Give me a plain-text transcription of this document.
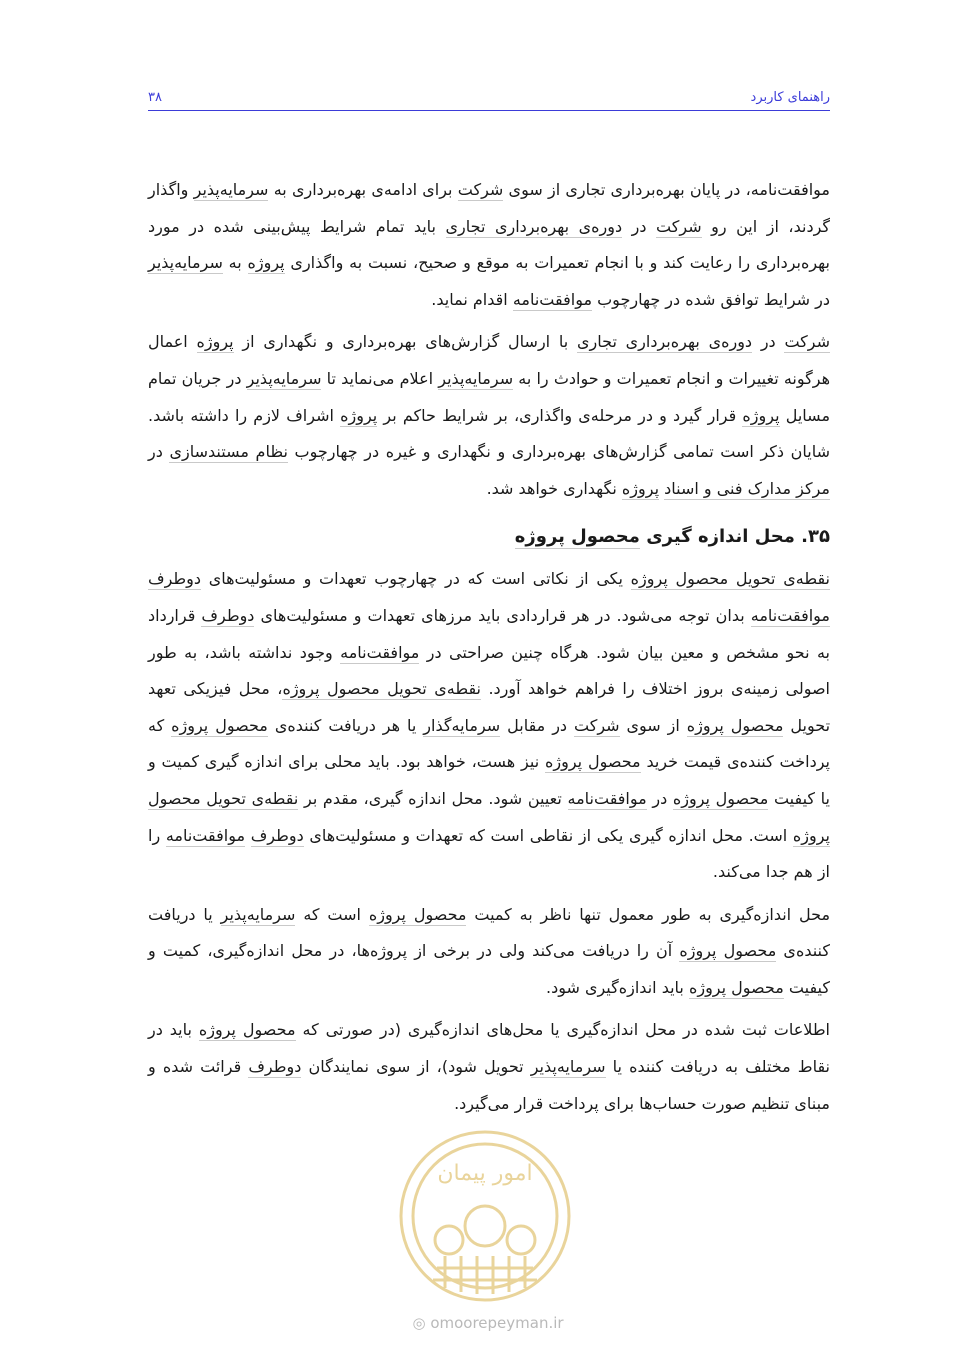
راهنمای کاربرد
۳۸

موافقت‌نامه، در پایان بهره‌برداری تجاری از سوی شرکت برای ادامه‌ی بهره‌برداری به سرمایه‌پذیر واگذار گردند، از این رو شرکت در دوره‌ی بهره‌برداری تجاری باید تمام شرایط پیش‌بینی شده در مورد بهره‌برداری را رعایت کند و با انجام تعمیرات به موقع و صحیح، نسبت به واگذاری پروژه به سرمایه‌پذیر در شرایط توافق شده در چهارچوب موافقت‌نامه اقدام نماید.

شرکت در دوره‌ی بهره‌برداری تجاری با ارسال گزارش‌های بهره‌برداری و نگهداری از پروژه اعمال هرگونه تغییرات و انجام تعمیرات و حوادث را به سرمایه‌پذیر اعلام می‌نماید تا سرمایه‌پذیر در جریان تمام مسایل پروژه قرار گیرد و در مرحله‌ی واگذاری، بر شرایط حاکم بر پروژه اشراف لازم را داشته باشد. شایان ذکر است تمامی گزارش‌های بهره‌برداری و نگهداری و غیره در چهارچوب نظام مستندسازی در مرکز مدارک فنی و اسناد پروژه نگهداری خواهد شد.

۳۵. محل اندازه گیری محصول پروژه

نقطه‌ی تحویل محصول پروژه یکی از نکاتی است که در چهارچوب تعهدات و مسئولیت‌های دوطرف موافقت‌نامه بدان توجه می‌شود. در هر قراردادی باید مرزهای تعهدات و مسئولیت‌های دوطرف قرارداد به نحو مشخص و معین بیان شود. هرگاه چنین صراحتی در موافقت‌نامه وجود نداشته باشد، به طور اصولی زمینه‌ی بروز اختلاف را فراهم خواهد آورد. نقطه‌ی تحویل محصول پروژه، محل فیزیکی تعهد تحویل محصول پروژه از سوی شرکت در مقابل سرمایه‌گذار یا هر دریافت کننده‌ی محصول پروژه که پرداخت کننده‌ی قیمت خرید محصول پروژه نیز هست، خواهد بود. باید محلی برای اندازه گیری کمیت و یا کیفیت محصول پروژه در موافقت‌نامه تعیین شود. محل اندازه گیری، مقدم بر نقطه‌ی تحویل محصول پروژه است. محل اندازه گیری یکی از نقاطی است که تعهدات و مسئولیت‌های دوطرف موافقت‌نامه را از هم جدا می‌کند.

محل اندازه‌گیری به طور معمول تنها ناظر به کمیت محصول پروژه است که سرمایه‌پذیر یا دریافت کننده‌ی محصول پروژه آن را دریافت می‌کند ولی در برخی از پروژه‌ها، در محل اندازه‌گیری، کمیت و کیفیت محصول پروژه باید اندازه‌گیری شود.

اطلاعات ثبت شده در محل اندازه‌گیری یا محل‌های اندازه‌گیری (در صورتی که محصول پروژه باید در نقاط مختلف به دریافت کننده یا سرمایه‌پذیر تحویل شود)، از سوی نمایندگان دوطرف قرائت شده و مبنای تنظیم صورت حساب‌ها برای پرداخت قرار می‌گیرد.

امور پیمان
◎ omoorepeyman.ir
